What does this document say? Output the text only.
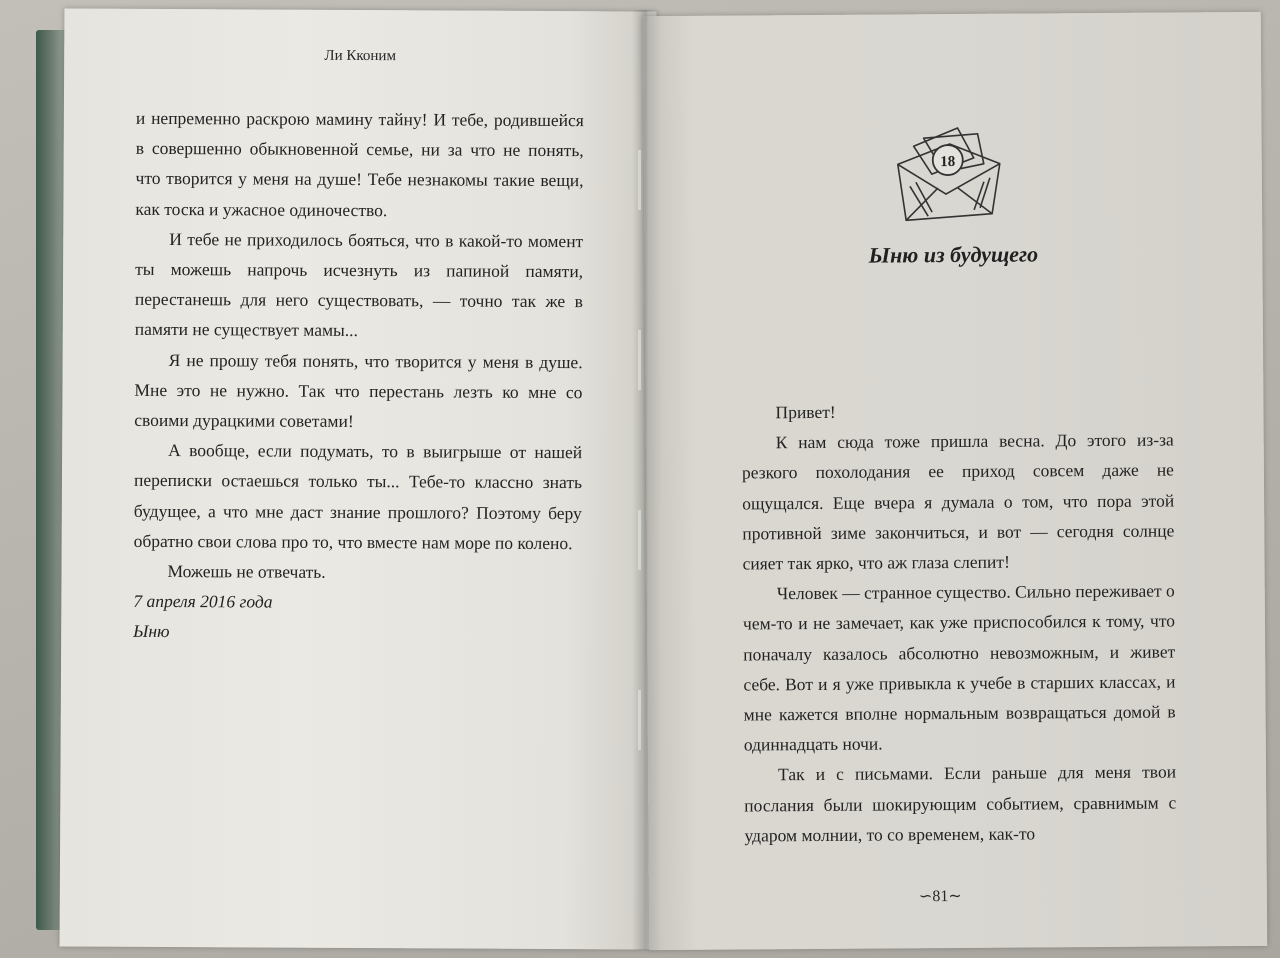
Ли Кконим

и непременно раскрою мамину тайну! И тебе, родившейся в совершенно обыкновенной семье, ни за что не понять, что творится у меня на душе! Тебе незнакомы такие вещи, как тоска и ужасное одиночество.

И тебе не приходилось бояться, что в какой-то момент ты можешь напрочь исчезнуть из папиной памяти, перестанешь для него существовать, — точно так же в памяти не существует мамы...

Я не прошу тебя понять, что творится у меня в душе. Мне это не нужно. Так что перестань лезть ко мне со своими дурацкими советами!

А вообще, если подумать, то в выигрыше от нашей переписки остаешься только ты... Тебе-то классно знать будущее, а что мне даст знание прошлого? Поэтому беру обратно свои слова про то, что вместе нам море по колено.

Можешь не отвечать.

7 апреля 2016 года

Ыню

18
Ыню из будущего

Привет!

К нам сюда тоже пришла весна. До этого из-за резкого похолодания ее приход совсем даже не ощущался. Еще вчера я думала о том, что пора этой противной зиме закончиться, и вот — сегодня солнце сияет так ярко, что аж глаза слепит!

Человек — странное существо. Сильно переживает о чем-то и не замечает, как уже приспособился к тому, что поначалу казалось абсолютно невозможным, и живет себе. Вот и я уже привыкла к учебе в старших классах, и мне кажется вполне нормальным возвращаться домой в одиннадцать ночи.

Так и с письмами. Если раньше для меня твои послания были шокирующим событием, сравнимым с ударом молнии, то со временем, как-то

∽81∼
